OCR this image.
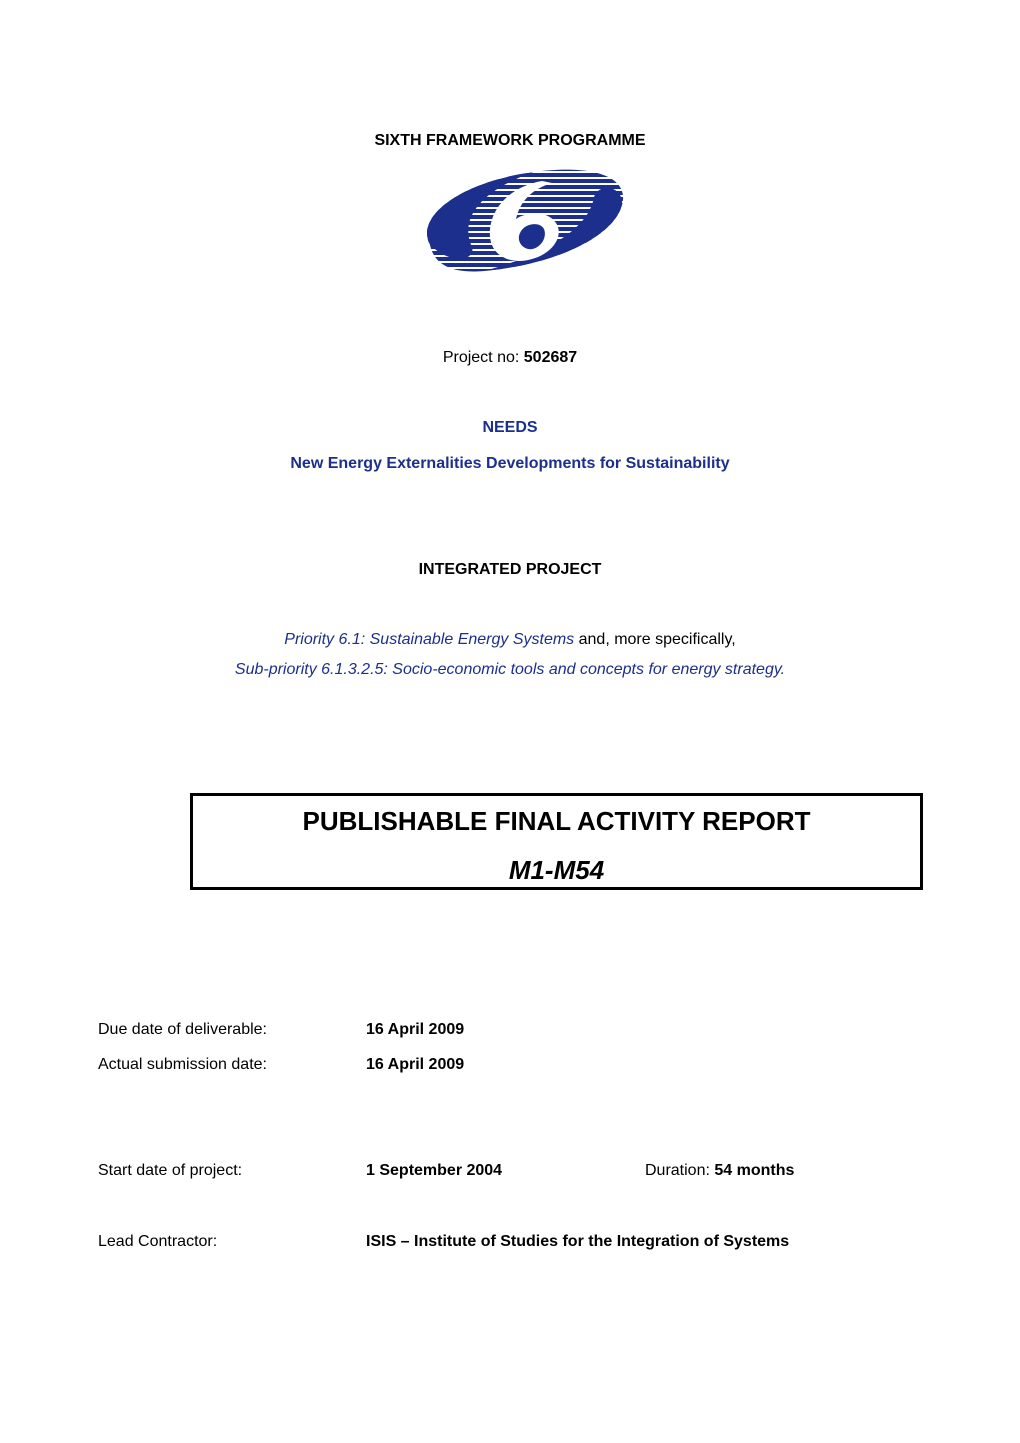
SIXTH FRAMEWORK PROGRAMME
Project no: 502687
NEEDS
New Energy Externalities Developments for Sustainability
INTEGRATED PROJECT
Priority 6.1: Sustainable Energy Systems and, more specifically,
Sub-priority 6.1.3.2.5: Socio-economic tools and concepts for energy strategy.
PUBLISHABLE FINAL ACTIVITY REPORT
M1-M54
Due date of deliverable:	16 April 2009
Actual submission date:	16 April 2009
Start date of project:	1 September 2004	Duration: 54 months
Lead Contractor:	ISIS – Institute of Studies for the Integration of Systems
